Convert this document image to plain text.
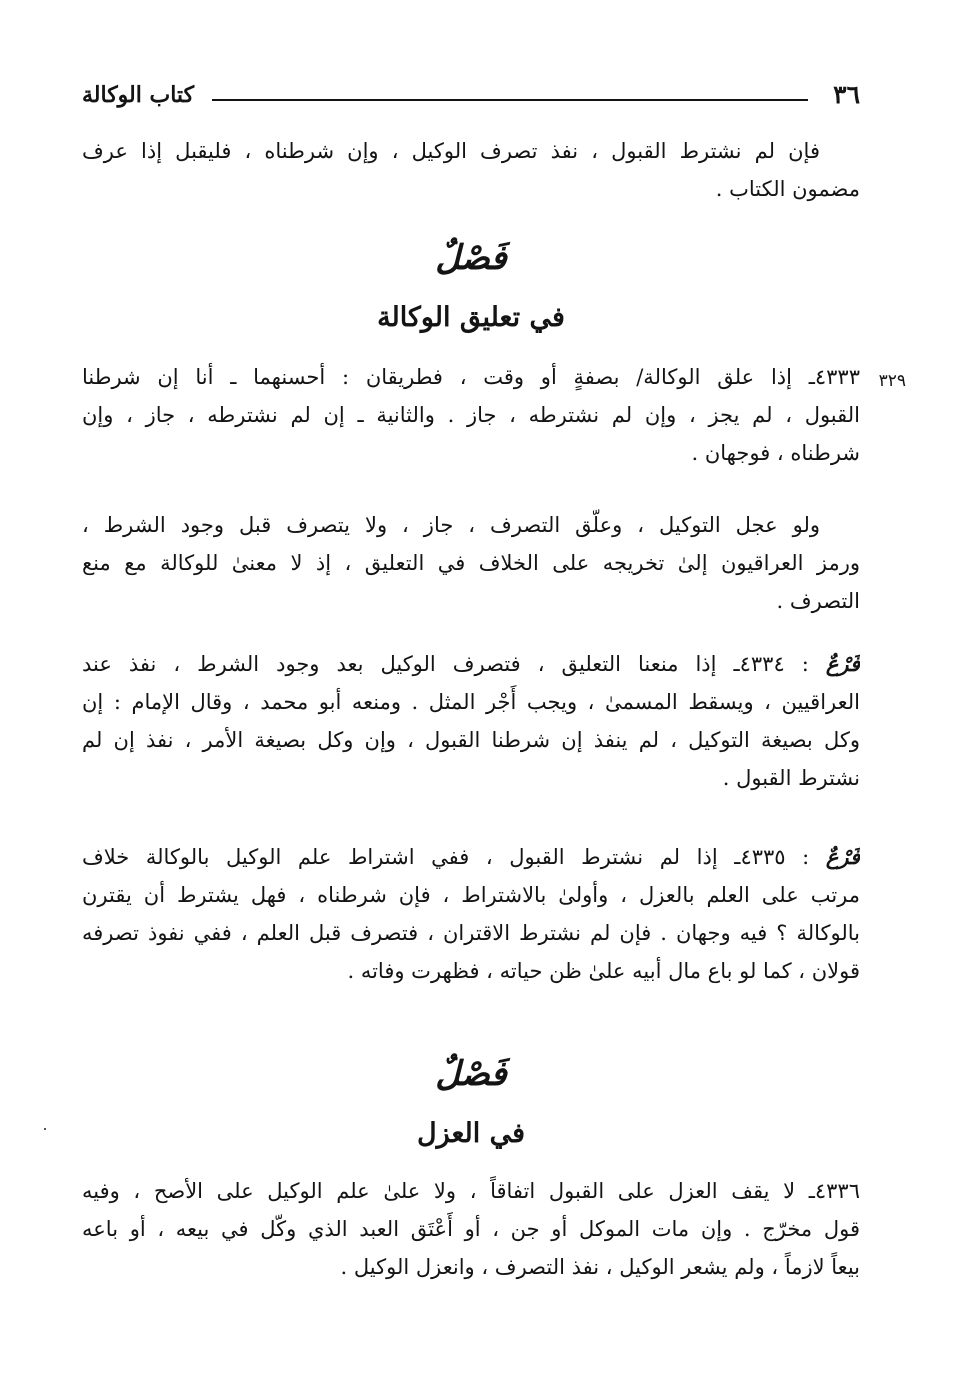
٣٦
كتاب الوكالة
فإن لم نشترط القبول ، نفذ تصرف الوكيل ، وإن شرطناه ، فليقبل إذا عرف
مضمون الكتاب .
فَصْلٌ
في تعليق الوكالة
٣٢٩
٤٣٣٣ـ إذا علق الوكالة/ بصفةٍ أو وقت ، فطريقان : أحسنهما ـ أنا إن شرطنا
القبول ، لم يجز ، وإن لم نشترطه ، جاز . والثانية ـ إن لم نشترطه ، جاز ، وإن
شرطناه ، فوجهان .
ولو عجل التوكيل ، وعلّق التصرف ، جاز ، ولا يتصرف قبل وجود الشرط ،
ورمز العراقيون إلىٰ تخريجه على الخلاف في التعليق ، إذ لا معنىٰ للوكالة مع منع
التصرف .
فَرْعٌ : ٤٣٣٤ـ إذا منعنا التعليق ، فتصرف الوكيل بعد وجود الشرط ، نفذ عند
العراقيين ، ويسقط المسمىٰ ، ويجب أَجْر المثل . ومنعه أبو محمد ، وقال الإمام : إن
وكل بصيغة التوكيل ، لم ينفذ إن شرطنا القبول ، وإن وكل بصيغة الأمر ، نفذ إن لم
نشترط القبول .
فَرْعٌ : ٤٣٣٥ـ إذا لم نشترط القبول ، ففي اشتراط علم الوكيل بالوكالة خلاف
مرتب على العلم بالعزل ، وأولىٰ بالاشتراط ، فإن شرطناه ، فهل يشترط أن يقترن
بالوكالة ؟ فيه وجهان . فإن لم نشترط الاقتران ، فتصرف قبل العلم ، ففي نفوذ تصرفه
قولان ، كما لو باع مال أبيه علىٰ ظن حياته ، فظهرت وفاته .
فَصْلٌ
في العزل
٤٣٣٦ـ لا يقف العزل على القبول اتفاقاً ، ولا علىٰ علم الوكيل على الأصح ، وفيه
قول مخرّج . وإن مات الموكل أو جن ، أو أَعْتَق العبد الذي وكّل في بيعه ، أو باعه
بيعاً لازماً ، ولم يشعر الوكيل ، نفذ التصرف ، وانعزل الوكيل .
